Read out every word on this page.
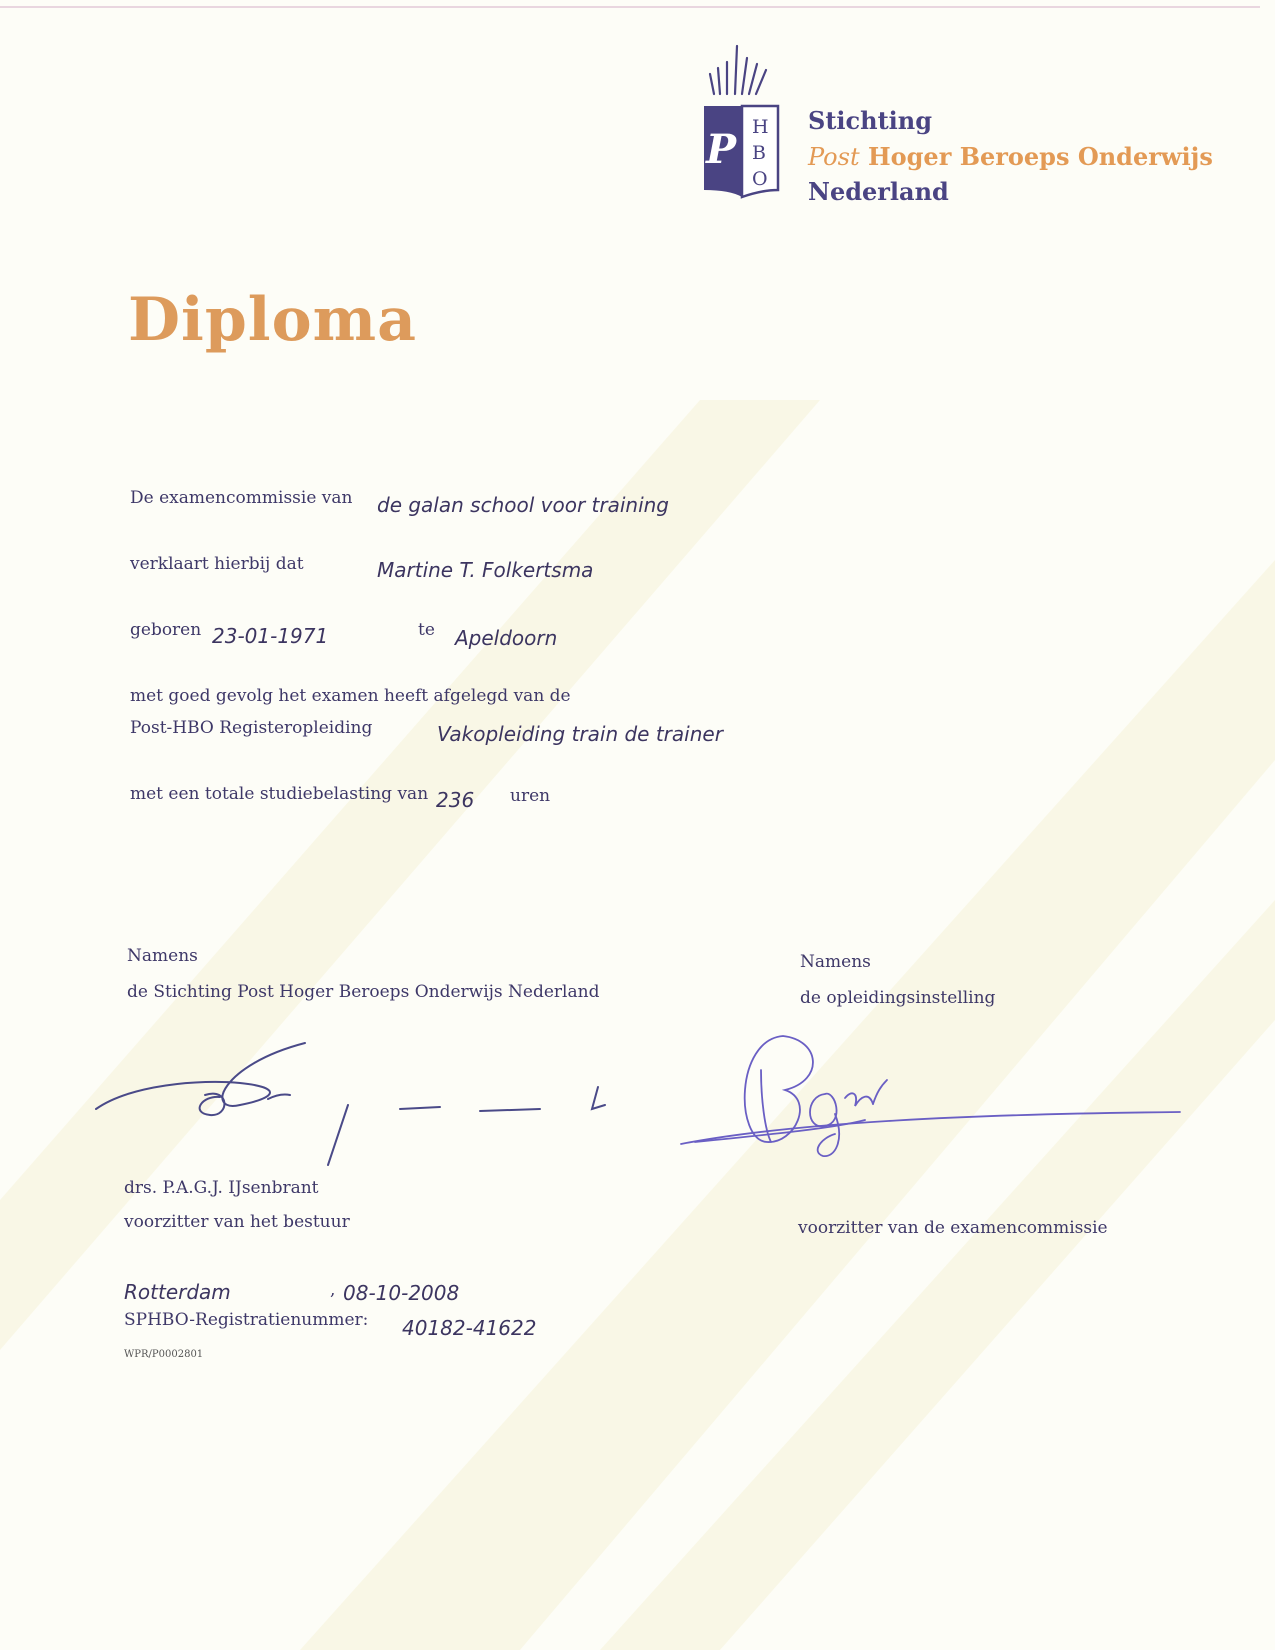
P H
B
O
Stichting
Post Hoger Beroeps Onderwijs
Nederland
Diploma
De examencommissie van de galan school voor training
verklaart hierbij dat	Martine T. Folkertsma
geboren 23-01-1971	te Apeldoorn
met goed gevolg het examen heeft afgelegd van de
Post-HBO Registeropleiding	Vakopleiding train de trainer
met een totale studiebelasting van 236 uren
Namens
de Stichting Post Hoger Beroeps Onderwijs Nederland
drs. P.A.G.J. IJsenbrant
voorzitter van het bestuur
Namens
de opleidingsinstelling
voorzitter van de examencommissie
Rotterdam	, 08-10-2008
SPHBO-Registratienummer: 40182-41622
WPR/P0002801
